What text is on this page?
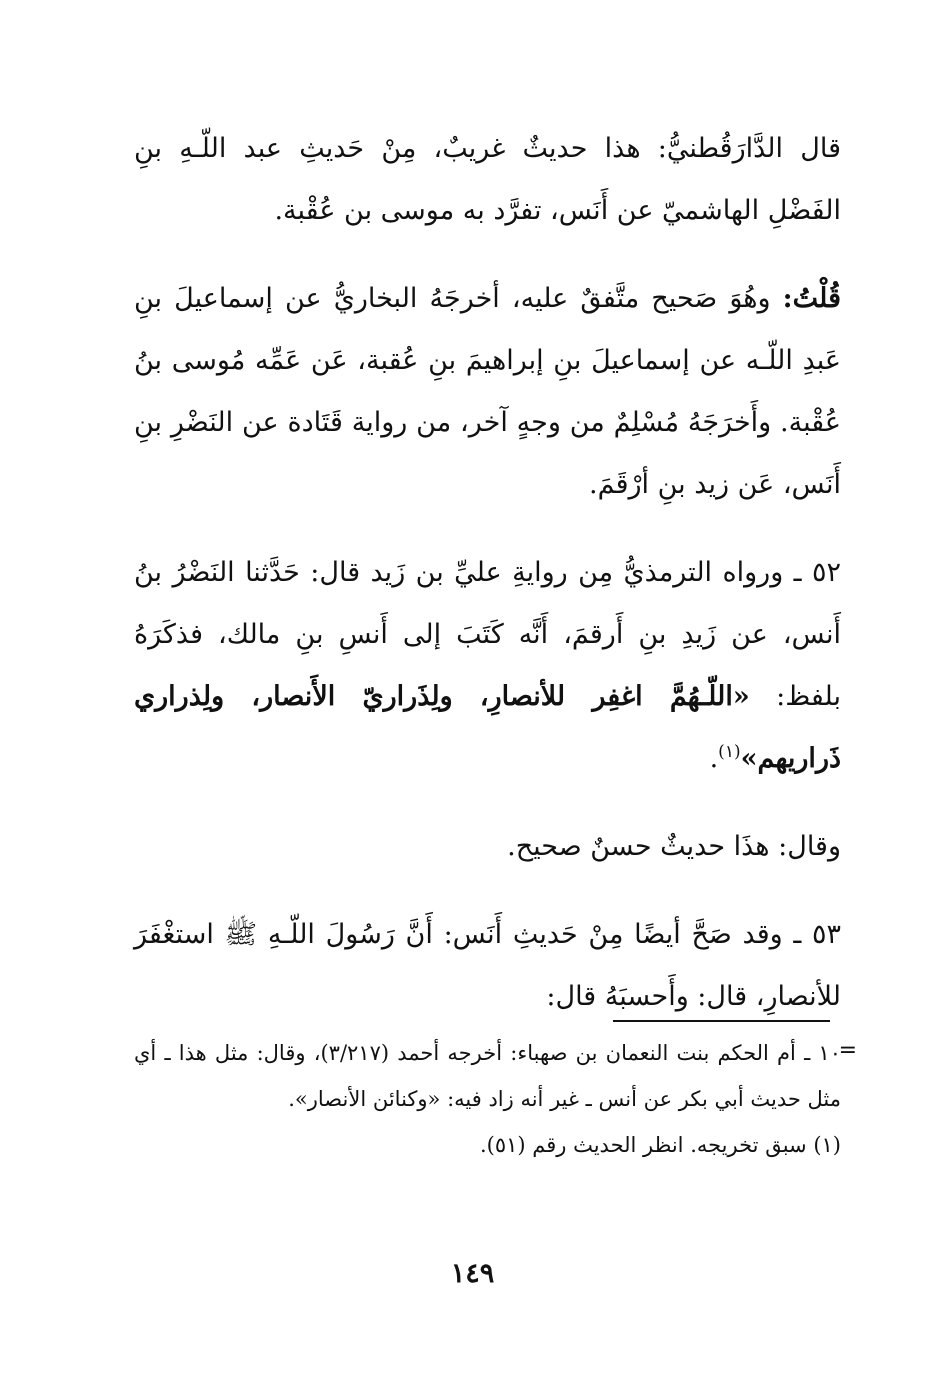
قال الدَّارَقُطنيُّ: هذا حديثٌ غريبٌ، مِنْ حَديثِ عبد اللّـهِ بنِ الفَضْلِ الهاشميّ عن أَنَس، تفرَّد به موسى بن عُقْبة.

قُلْتُ: وهُوَ صَحيح متَّفقٌ عليه، أخرجَهُ البخاريُّ عن إسماعيلَ بنِ عَبدِ اللّـه عن إسماعيلَ بنِ إبراهيمَ بنِ عُقبة، عَن عَمِّه مُوسى بنُ عُقْبة. وأَخرَجَهُ مُسْلِمٌ من وجهٍ آخر، من رواية قَتَادة عن النَضْرِ بنِ أَنَس، عَن زيد بنِ أرْقَمَ.

٥٢ ـ ورواه الترمذيُّ مِن روايةِ عليِّ بن زَيد قال: حَدَّثنا النَضْرُ بنُ أَنس، عن زَيدِ بنِ أَرقمَ، أَنَّه كَتَبَ إلى أَنسِ بنِ مالك، فذكَرَهُ بلفظ: «اللّـهُمَّ اغفِر للأنصارِ، ولِذَراريّ الأَنصار، ولِذراري ذَراريهم»$^{(١)}$.

وقال: هذَا حديثٌ حسنٌ صحيح.

٥٣ ـ وقد صَحَّ أيضًا مِنْ حَديثِ أَنَس: أَنَّ رَسُولَ اللّـهِ ﷺ استغْفَرَ للأنصارِ، قال: وأَحسبَهُ قال:

=

١٠ ـ أم الحكم بنت النعمان بن صهباء: أخرجه أحمد (٣/٢١٧)، وقال: مثل هذا ـ أي مثل حديث أبي بكر عن أنس ـ غير أنه زاد فيه: «وكنائن الأنصار».

(١) سبق تخريجه. انظر الحديث رقم (٥١).

١٤٩
